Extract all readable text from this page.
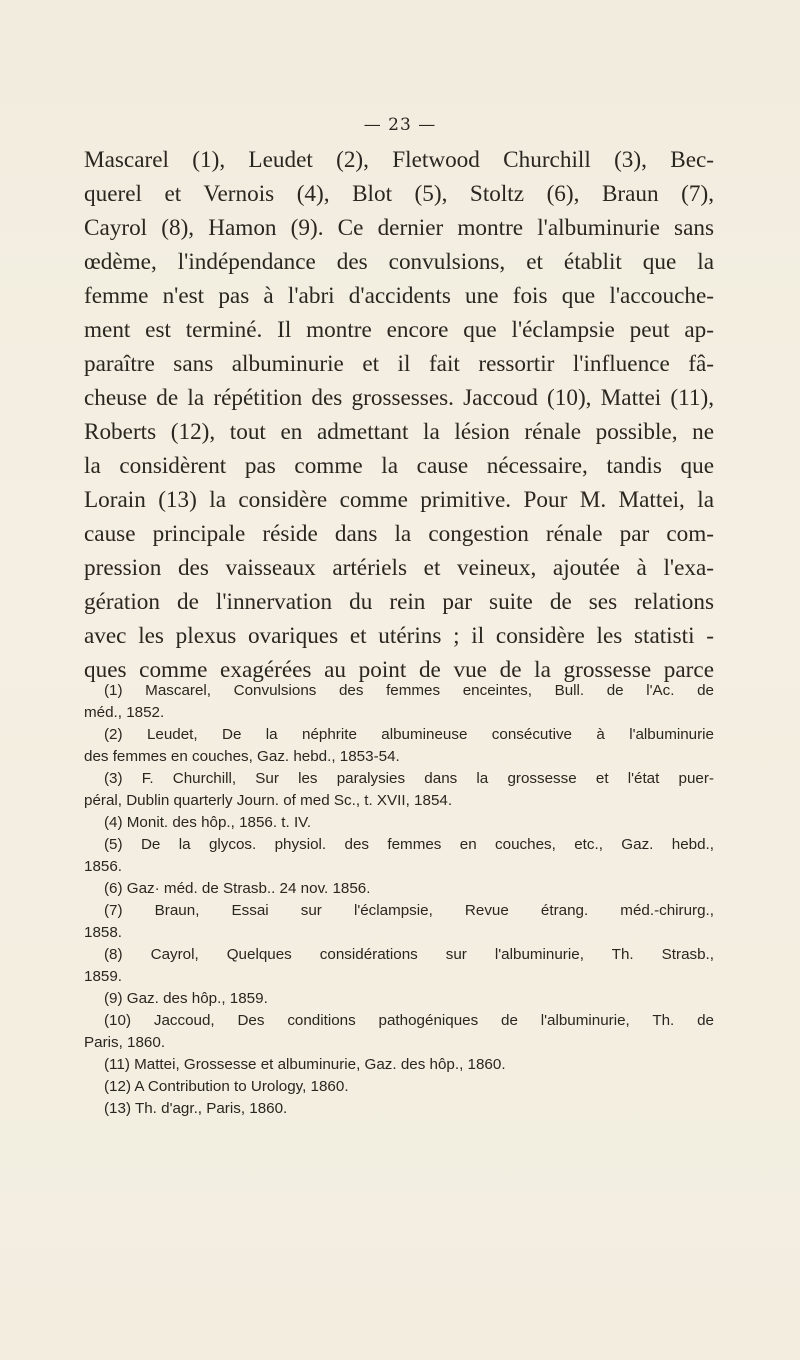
— 23 —
Mascarel (1), Leudet (2), Fletwood Churchill (3), Bec-
querel et Vernois (4), Blot (5), Stoltz (6), Braun (7),
Cayrol (8), Hamon (9). Ce dernier montre l'albuminurie sans
œdème, l'indépendance des convulsions, et établit que la
femme n'est pas à l'abri d'accidents une fois que l'accouche-
ment est terminé. Il montre encore que l'éclampsie peut ap-
paraître sans albuminurie et il fait ressortir l'influence fâ-
cheuse de la répétition des grossesses. Jaccoud (10), Mattei (11),
Roberts (12), tout en admettant la lésion rénale possible, ne
la considèrent pas comme la cause nécessaire, tandis que
Lorain (13) la considère comme primitive. Pour M. Mattei, la
cause principale réside dans la congestion rénale par com-
pression des vaisseaux artériels et veineux, ajoutée à l'exa-
gération de l'innervation du rein par suite de ses relations
avec les plexus ovariques et utérins ; il considère les statisti -
ques comme exagérées au point de vue de la grossesse parce
(1) Mascarel, Convulsions des femmes enceintes, Bull. de l'Ac. de
méd., 1852.
(2) Leudet, De la néphrite albumineuse consécutive à l'albuminurie
des femmes en couches, Gaz. hebd., 1853-54.
(3) F. Churchill, Sur les paralysies dans la grossesse et l'état puer-
péral, Dublin quarterly Journ. of med Sc., t. XVII, 1854.
(4) Monit. des hôp., 1856. t. IV.
(5) De la glycos. physiol. des femmes en couches, etc., Gaz. hebd.,
1856.
(6) Gaz· méd. de Strasb.. 24 nov. 1856.
(7) Braun, Essai sur l'éclampsie, Revue étrang. méd.-chirurg.,
1858.
(8) Cayrol, Quelques considérations sur l'albuminurie, Th. Strasb.,
1859.
(9) Gaz. des hôp., 1859.
(10) Jaccoud, Des conditions pathogéniques de l'albuminurie, Th. de
Paris, 1860.
(11) Mattei, Grossesse et albuminurie, Gaz. des hôp., 1860.
(12) A Contribution to Urology, 1860.
(13) Th. d'agr., Paris, 1860.
